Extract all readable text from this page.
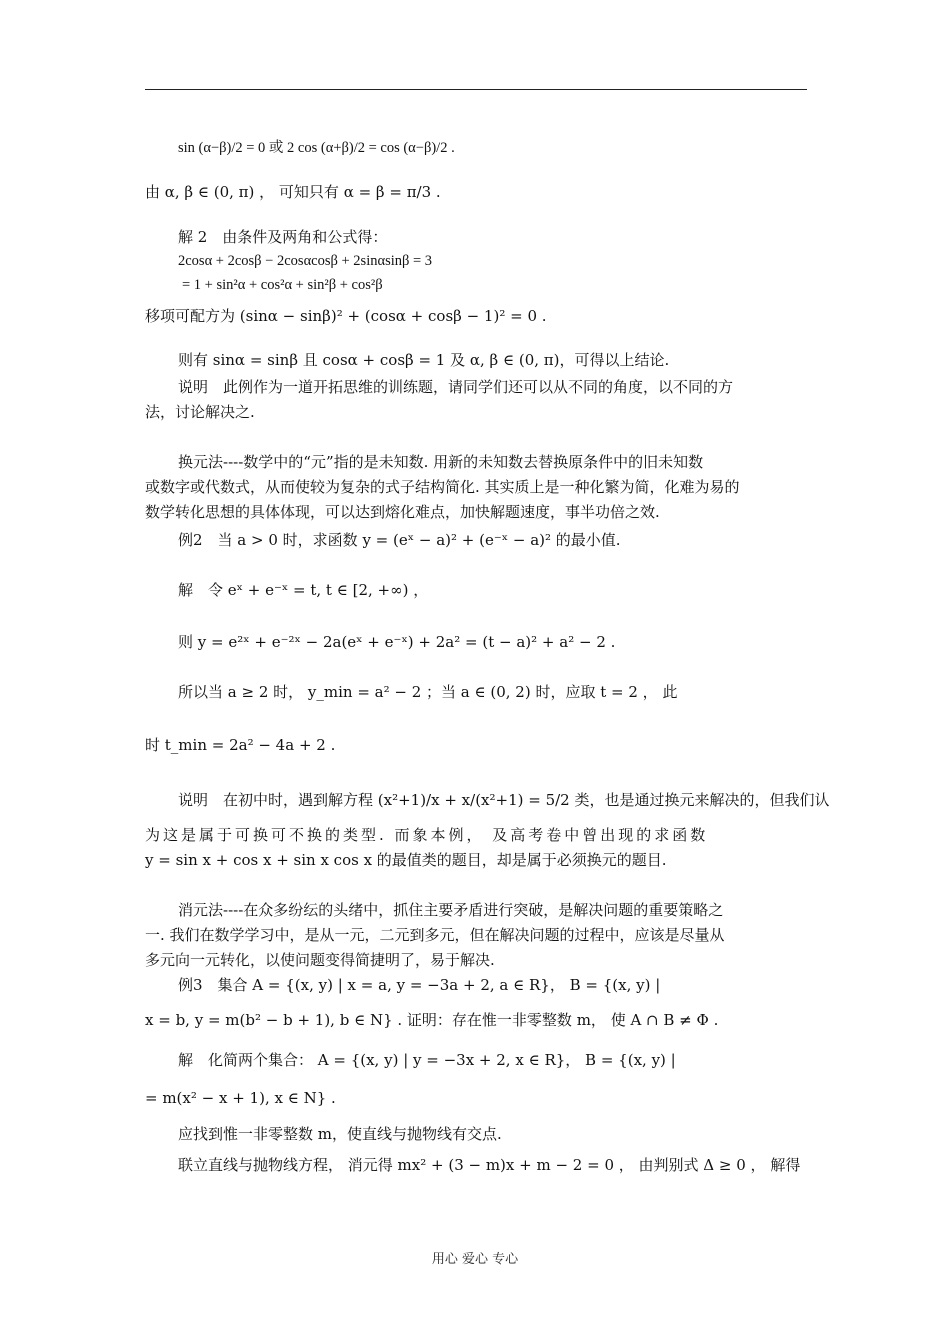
sin (α−β)/2 = 0 或 2 cos (α+β)/2 = cos (α−β)/2 .
由 α, β ∈ (0, π) ， 可知只有 α = β = π/3 .
解 2　由条件及两角和公式得：
2cosα + 2cosβ − 2cosαcosβ + 2sinαsinβ = 3
= 1 + sin²α + cos²α + sin²β + cos²β
移项可配方为 (sinα − sinβ)² + (cosα + cosβ − 1)² = 0 .
则有 sinα = sinβ 且 cosα + cosβ = 1 及 α, β ∈ (0, π)，可得以上结论.
说明　此例作为一道开拓思维的训练题，请同学们还可以从不同的角度，以不同的方
法，讨论解决之.
换元法----数学中的“元”指的是未知数. 用新的未知数去替换原条件中的旧未知数
或数字或代数式，从而使较为复杂的式子结构简化. 其实质上是一种化繁为简，化难为易的
数学转化思想的具体体现，可以达到熔化难点，加快解题速度，事半功倍之效.
例2　当 a > 0 时，求函数 y = (eˣ − a)² + (e⁻ˣ − a)² 的最小值.
解　令 eˣ + e⁻ˣ = t, t ∈ [2, +∞) ，
则 y = e²ˣ + e⁻²ˣ − 2a(eˣ + e⁻ˣ) + 2a² = (t − a)² + a² − 2 .
所以当 a ≥ 2 时， y_min = a² − 2 ；当 a ∈ (0, 2) 时，应取 t = 2 ， 此
时 t_min = 2a² − 4a + 2 .
说明　在初中时，遇到解方程 (x²+1)/x + x/(x²+1) = 5/2 类，也是通过换元来解决的，但我们认
为这是属于可换可不换的类型. 而象本例， 及高考卷中曾出现的求函数
y = sin x + cos x + sin x cos x 的最值类的题目，却是属于必须换元的题目.
消元法----在众多纷纭的头绪中，抓住主要矛盾进行突破，是解决问题的重要策略之
一. 我们在数学学习中，是从一元，二元到多元，但在解决问题的过程中，应该是尽量从
多元向一元转化，以使问题变得简捷明了，易于解决.
例3　集合 A = {(x, y) | x = a, y = −3a + 2, a ∈ R}， B = {(x, y) |
x = b, y = m(b² − b + 1), b ∈ N} . 证明：存在惟一非零整数 m， 使 A ∩ B ≠ Φ .
解　化简两个集合： A = {(x, y) | y = −3x + 2, x ∈ R}， B = {(x, y) |
= m(x² − x + 1), x ∈ N} .
应找到惟一非零整数 m，使直线与抛物线有交点.
联立直线与抛物线方程， 消元得 mx² + (3 − m)x + m − 2 = 0 ， 由判别式 Δ ≥ 0 ， 解得
用心 爱心 专心
